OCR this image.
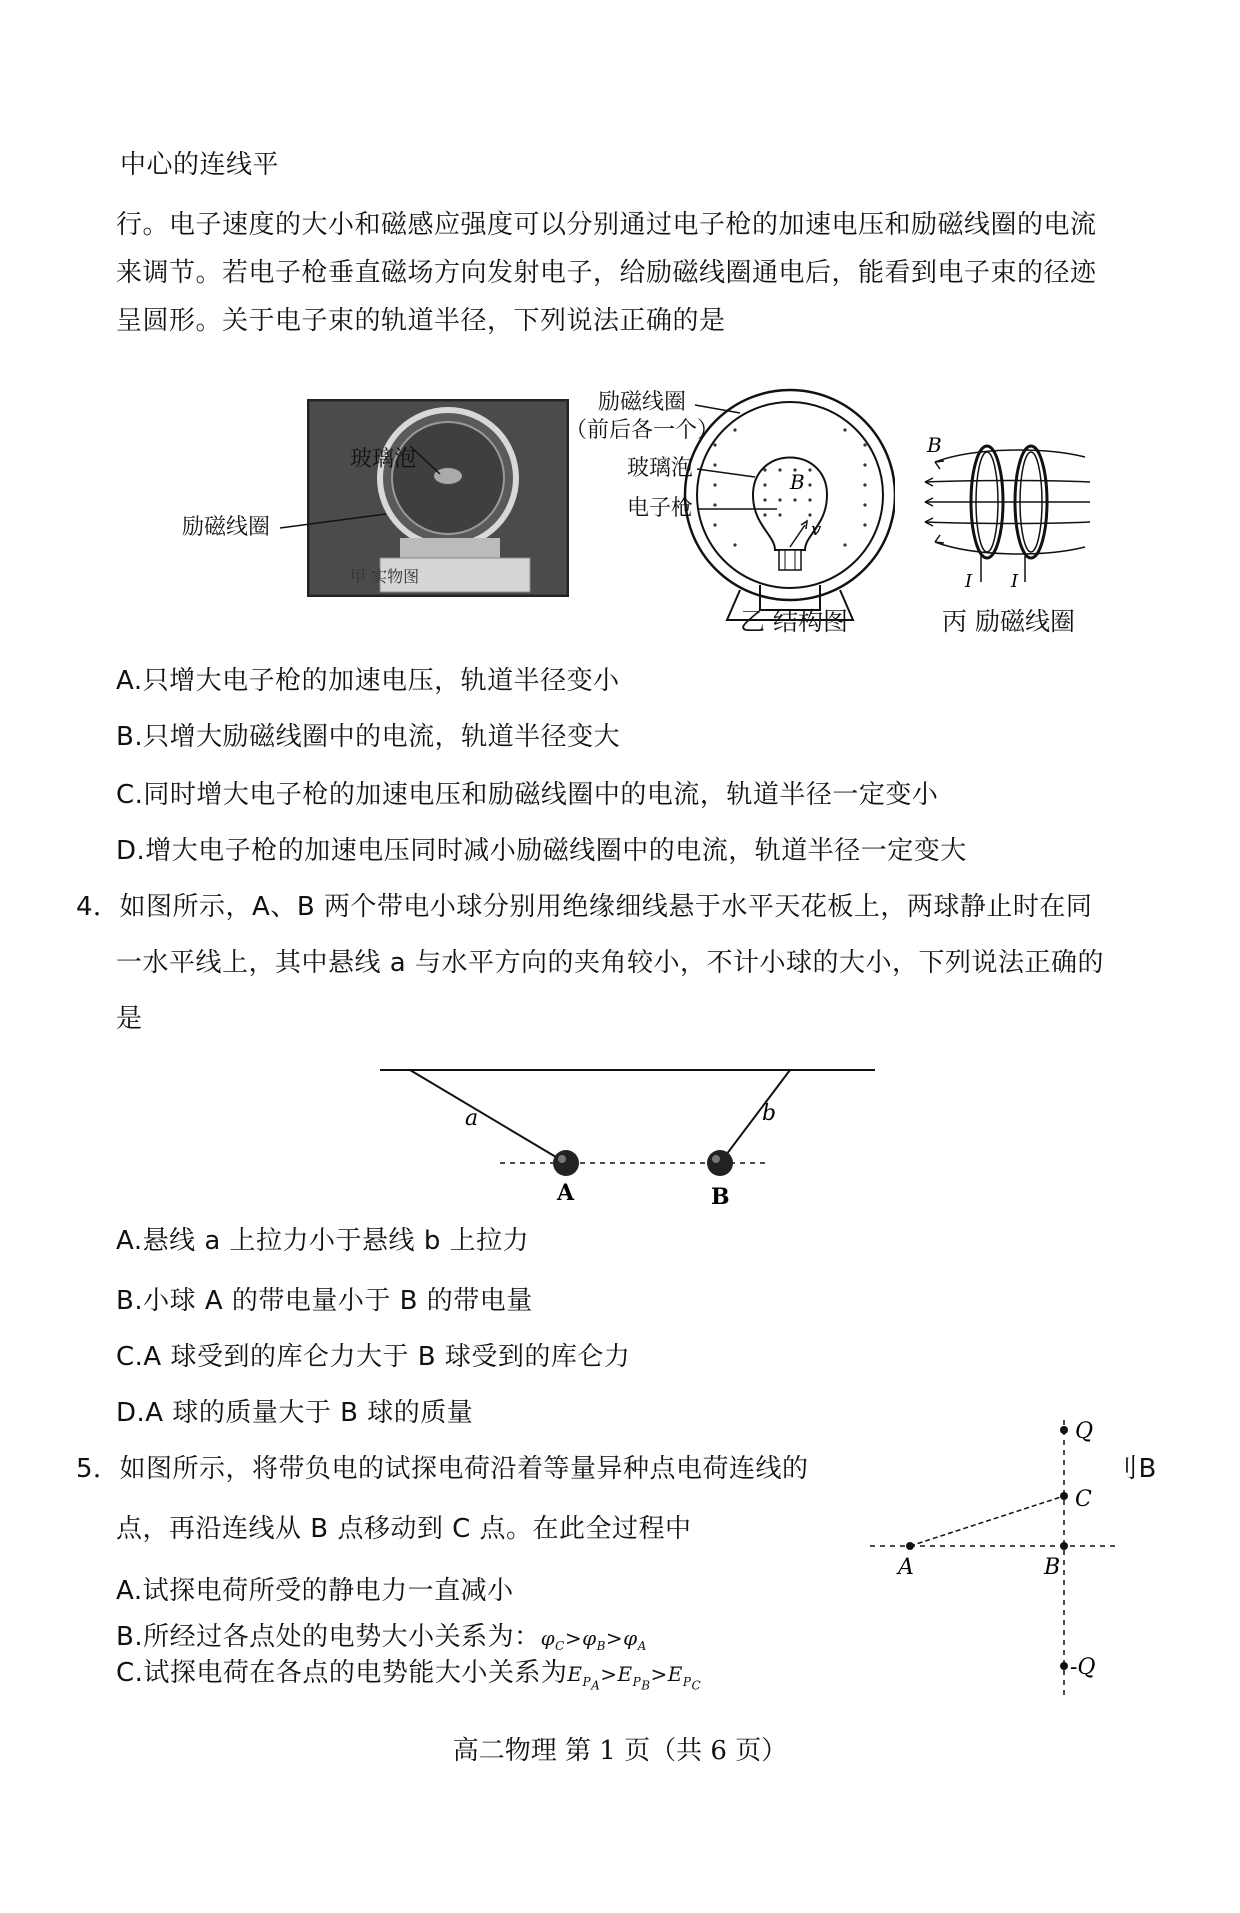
中心的连线平
行。电子速度的大小和磁感应强度可以分别通过电子枪的加速电压和励磁线圈的电流
来调节。若电子枪垂直磁场方向发射电子，给励磁线圈通电后，能看到电子束的径迹
呈圆形。关于电子束的轨道半径，下列说法正确的是
玻璃泡
励磁线圈
甲 实物图
B
v
励磁线圈
（前后各一个）
玻璃泡
电子枪
乙 结构图
B
I I
丙 励磁线圈
A.只增大电子枪的加速电压，轨道半径变小
B.只增大励磁线圈中的电流，轨道半径变大
C.同时增大电子枪的加速电压和励磁线圈中的电流，轨道半径一定变小
D.增大电子枪的加速电压同时减小励磁线圈中的电流，轨道半径一定变大
4．如图所示，A、B 两个带电小球分别用绝缘细线悬于水平天花板上，两球静止时在同
一水平线上，其中悬线 a 与水平方向的夹角较小，不计小球的大小，下列说法正确的
是
a	b
A	B
A.悬线 a 上拉力小于悬线 b 上拉力
B.小球 A 的带电量小于 B 的带电量
C.A 球受到的库仑力大于 B 球受到的库仑力
D.A 球的质量大于 B 球的质量
5．如图所示，将带负电的试探电荷沿着等量异种点电荷连线的	刂B
点，再沿连线从 B 点移动到 C 点。在此全过程中
A.试探电荷所受的静电力一直减小
B.所经过各点处的电势大小关系为：$\varphi_C>\varphi_B>\varphi_A$
C.试探电荷在各点的电势能大小关系为$E_{P_A}>E_{P_B}>E_{P_C}$
Q
C
A	B
-Q
高二物理 第 1 页（共 6 页）
